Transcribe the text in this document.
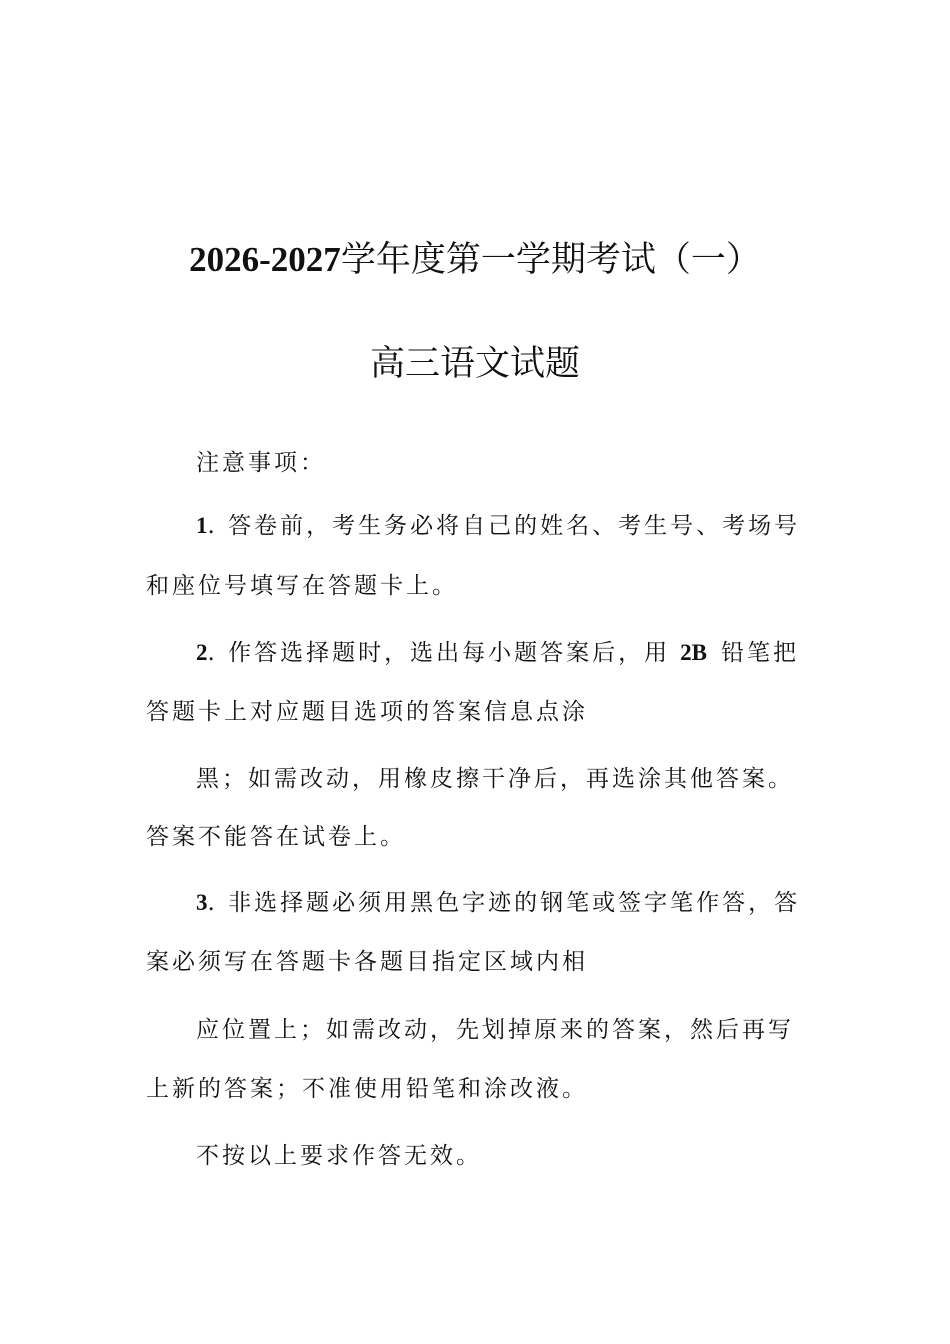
2026-2027学年度第一学期考试（一）
高三语文试题
注意事项：
1. 答卷前，考生务必将自己的姓名、考生号、考场号
和座位号填写在答题卡上。
2. 作答选择题时，选出每小题答案后，用 2B 铅笔把
答题卡上对应题目选项的答案信息点涂
黑；如需改动，用橡皮擦干净后，再选涂其他答案。
答案不能答在试卷上。
3. 非选择题必须用黑色字迹的钢笔或签字笔作答，答
案必须写在答题卡各题目指定区域内相
应位置上；如需改动，先划掉原来的答案，然后再写
上新的答案；不准使用铅笔和涂改液。
不按以上要求作答无效。
